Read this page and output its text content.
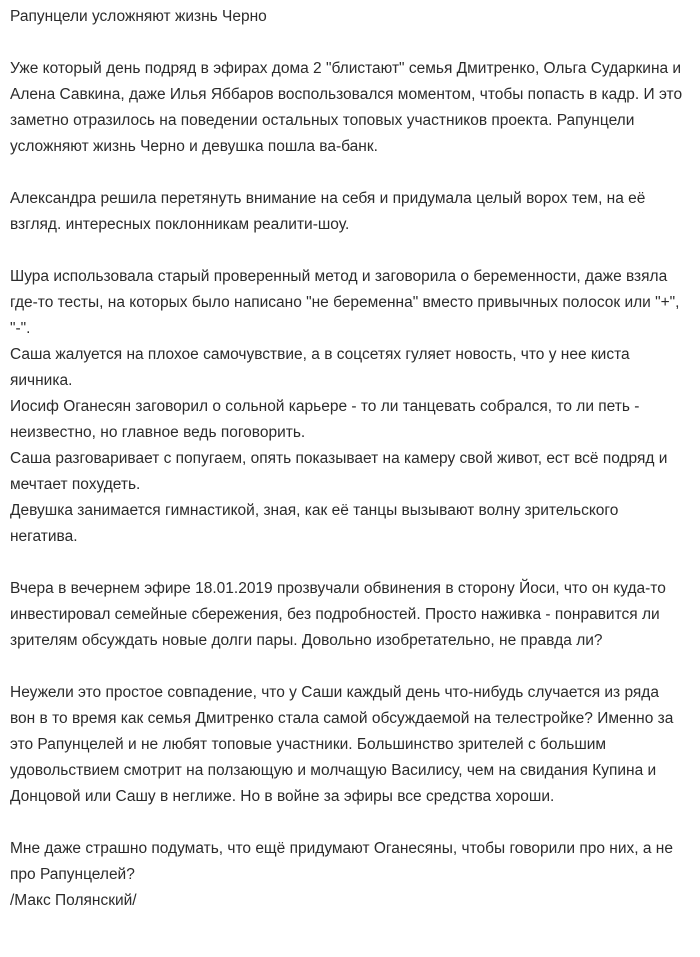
Рапунцели усложняют жизнь Черно

Уже который день подряд в эфирах дома 2 "блистают" семья Дмитренко, Ольга Сударкина и Алена Савкина, даже Илья Яббаров воспользовался моментом, чтобы попасть в кадр. И это заметно отразилось на поведении остальных топовых участников проекта. Рапунцели усложняют жизнь Черно и девушка пошла ва-банк.

Александра решила перетянуть внимание на себя и придумала целый ворох тем, на её взгляд. интересных поклонникам реалити-шоу.

Шура использовала старый проверенный метод и заговорила о беременности, даже взяла где-то тесты, на которых было написано "не беременна" вместо привычных полосок или "+", "-".

Саша жалуется на плохое самочувствие, а в соцсетях гуляет новость, что у нее киста яичника.

Иосиф Оганесян заговорил о сольной карьере - то ли танцевать собрался, то ли петь - неизвестно, но главное ведь поговорить.

Саша разговаривает с попугаем, опять показывает на камеру свой живот, ест всё подряд и мечтает похудеть.

Девушка занимается гимнастикой, зная, как её танцы вызывают волну зрительского негатива.

Вчера в вечернем эфире 18.01.2019 прозвучали обвинения в сторону Йоси, что он куда-то инвестировал семейные сбережения, без подробностей. Просто наживка - понравится ли зрителям обсуждать новые долги пары. Довольно изобретательно, не правда ли?

Неужели это простое совпадение, что у Саши каждый день что-нибудь случается из ряда вон в то время как семья Дмитренко стала самой обсуждаемой на телестройке? Именно за это Рапунцелей и не любят топовые участники. Большинство зрителей с большим удовольствием смотрит на ползающую и молчащую Василису, чем на свидания Купина и Донцовой или Сашу в неглиже. Но в войне за эфиры все средства хороши.

Мне даже страшно подумать, что ещё придумают Оганесяны, чтобы говорили про них, а не про Рапунцелей?

/Макс Полянский/
